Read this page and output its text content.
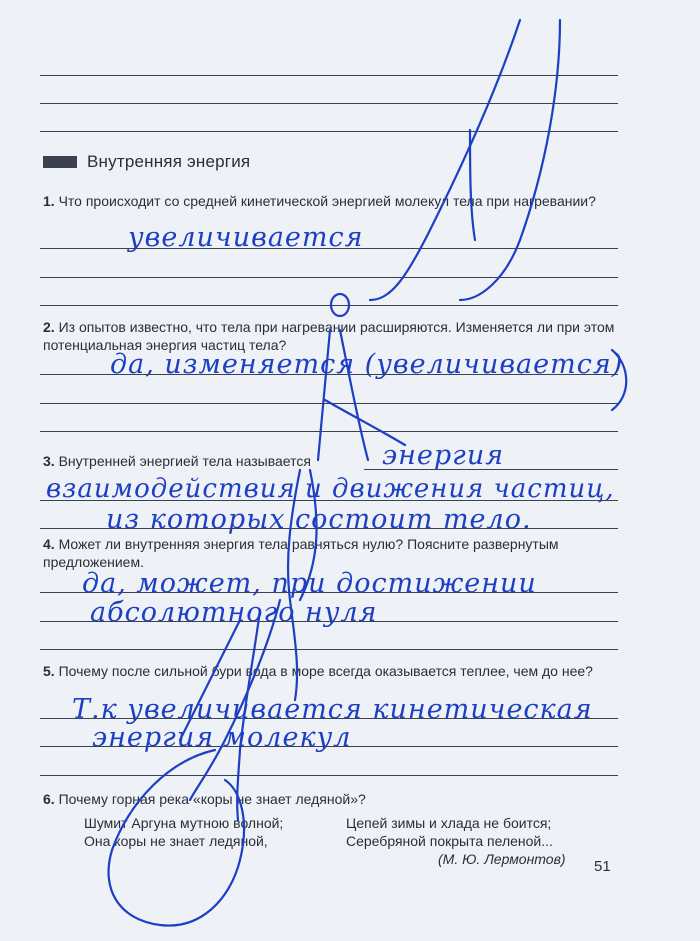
Внутренняя энергия
1. Что происходит со средней кинетической энергией молекул тела при нагревании?
увеличивается
2. Из опытов известно, что тела при нагревании расширяются. Изменяется ли при этом потенциальная энергия частиц тела?
да, изменяется (увеличивается)
3. Внутренней энергией тела называется	энергия
взаимодействия и движения частиц,
из которых состоит тело.
4. Может ли внутренняя энергия тела равняться нулю? Поясните развернутым предложением.
да, может, при достижении
абсолютного нуля
5. Почему после сильной бури вода в море всегда оказывается теплее, чем до нее?
Т.к увеличивается кинетическая
энергия молекул
6. Почему горная река «коры не знает ледяной»?
Шумит Аргуна мутною волной;
Она коры не знает ледяной,
Цепей зимы и хлада не боится;
Серебряной покрыта пеленой...
(М. Ю. Лермонтов) 51
